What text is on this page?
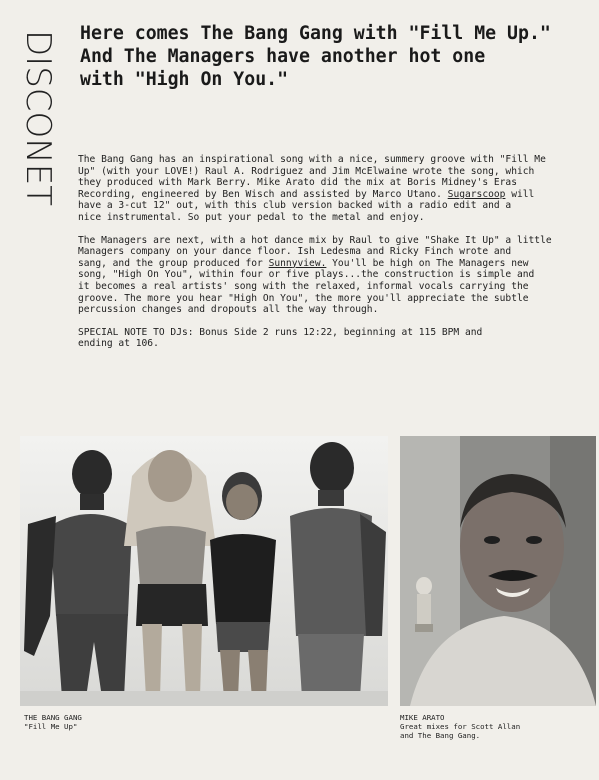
DISCONET Here comes The Bang Gang with "Fill Me Up."
And The Managers have another hot one
with "High On You."

The Bang Gang has an inspirational song with a nice, summery groove with "Fill Me
Up" (with your LOVE!) Raul A. Rodriguez and Jim McElwaine wrote the song, which
they produced with Mark Berry. Mike Arato did the mix at Boris Midney's Eras
Recording, engineered by Ben Wisch and assisted by Marco Utano. Sugarscoop will
have a 3-cut 12" out, with this club version backed with a radio edit and a
nice instrumental. So put your pedal to the metal and enjoy.

The Managers are next, with a hot dance mix by Raul to give "Shake It Up" a little
Managers company on your dance floor. Ish Ledesma and Ricky Finch wrote and
sang, and the group produced for Sunnyview. You'll be high on The Managers new
song, "High On You", within four or five plays...the construction is simple and
it becomes a real artists' song with the relaxed, informal vocals carrying the
groove. The more you hear "High On You", the more you'll appreciate the subtle
percussion changes and dropouts all the way through.

SPECIAL NOTE TO DJs: Bonus Side 2 runs 12:22, beginning at 115 BPM and
ending at 106.

THE BANG GANG
"Fill Me Up"
MIKE ARATO
Great mixes for Scott Allan
and The Bang Gang.
